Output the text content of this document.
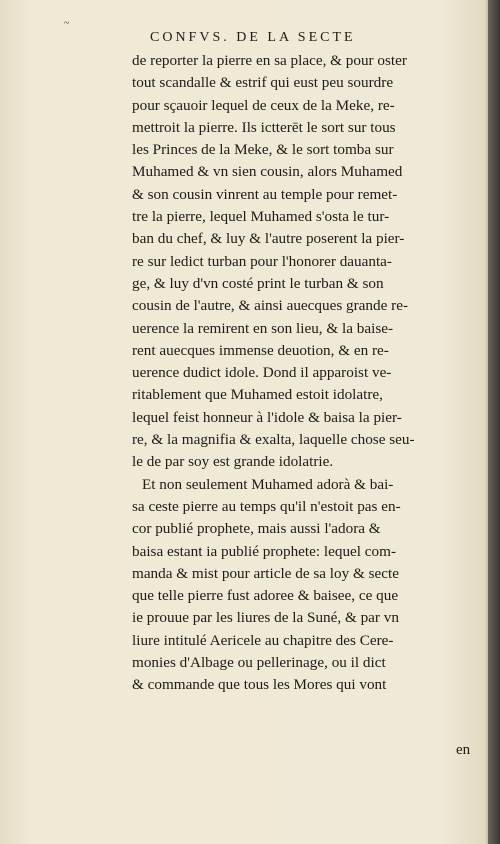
~
CONFVS. DE LA SECTE
de reporter la pierre en sa place, & pour oster
tout scandalle & estrif qui eust peu sourdre
pour sçauoir lequel de ceux de la Meke, re-
mettroit la pierre. Ils ictterēt le sort sur tous
les Princes de la Meke, & le sort tomba sur
Muhamed & vn sien cousin, alors Muhamed
& son cousin vinrent au temple pour remet-
tre la pierre, lequel Muhamed s'osta le tur-
ban du chef, & luy & l'autre poserent la pier-
re sur ledict turban pour l'honorer dauanta-
ge, & luy d'vn costé print le turban & son
cousin de l'autre, & ainsi auecques grande re-
uerence la remirent en son lieu, & la baise-
rent auecques immense deuotion, & en re-
uerence dudict idole. Dond il apparoist ve-
ritablement que Muhamed estoit idolatre,
lequel feist honneur à l'idole & baisa la pier-
re, & la magnifia & exalta, laquelle chose seu-
le de par soy est grande idolatrie.
Et non seulement Muhamed adorà & bai-
sa ceste pierre au temps qu'il n'estoit pas en-
cor publié prophete, mais aussi l'adora &
baisa estant ia publié prophete: lequel com-
manda & mist pour article de sa loy & secte
que telle pierre fust adoree & baisee, ce que
ie prouue par les liures de la Suné, & par vn
liure intitulé Aericele au chapitre des Cere-
monies d'Albage ou pellerinage, ou il dict
& commande que tous les Mores qui vont
en
